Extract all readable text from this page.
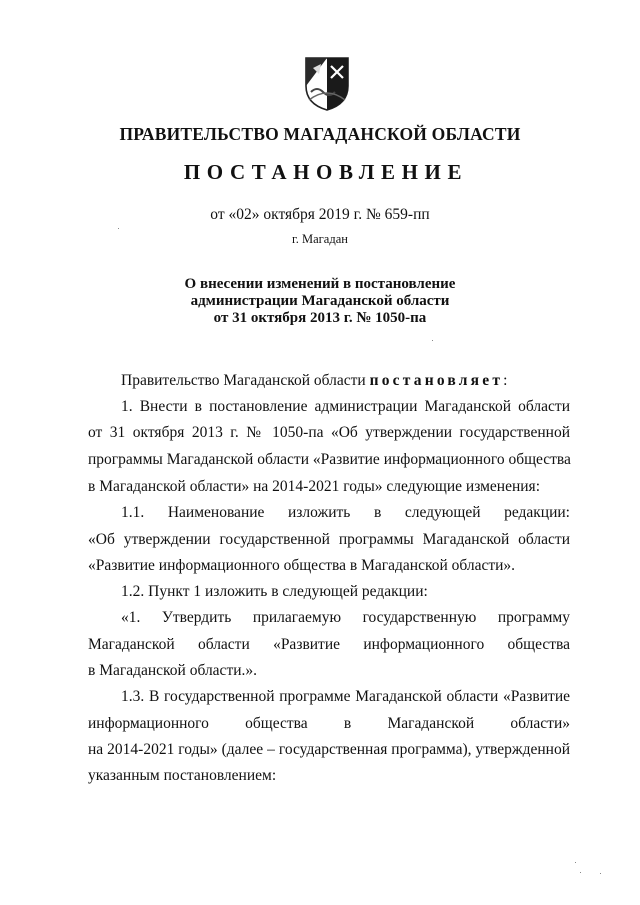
ПРАВИТЕЛЬСТВО МАГАДАНСКОЙ ОБЛАСТИ
ПОСТАНОВЛЕНИЕ
от «02» октября 2019 г. № 659-пп
г. Магадан
О внесении изменений в постановление
администрации Магаданской области
от 31 октября 2013 г. № 1050-па
Правительство Магаданской области постановляет:
1. Внести в постановление администрации Магаданской области
от 31 октября 2013 г. № 1050-па «Об утверждении государственной
программы Магаданской области «Развитие информационного общества
в Магаданской области» на 2014-2021 годы» следующие изменения:
1.1. Наименование изложить в следующей редакции:
«Об утверждении государственной программы Магаданской области
«Развитие информационного общества в Магаданской области».
1.2. Пункт 1 изложить в следующей редакции:
«1. Утвердить прилагаемую государственную программу
Магаданской области «Развитие информационного общества
в Магаданской области.».
1.3. В государственной программе Магаданской области «Развитие
информационного общества в Магаданской области»
на 2014-2021 годы» (далее – государственная программа), утвержденной
указанным постановлением:
